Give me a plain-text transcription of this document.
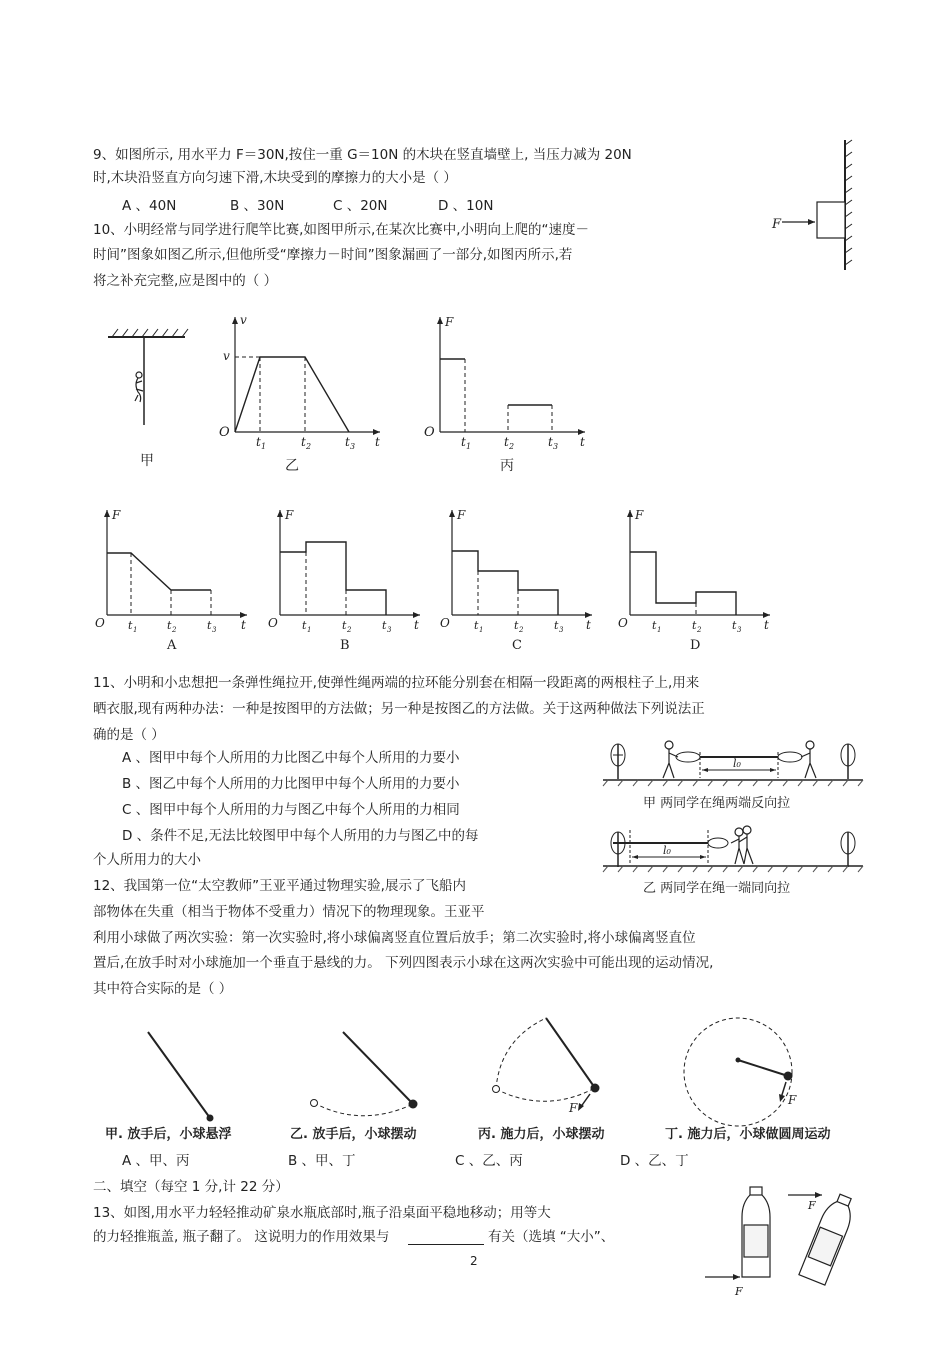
9、如图所示, 用水平力 F＝30N,按住一重 G＝10N 的木块在竖直墙壁上, 当压力减为 20N
时,木块沿竖直方向匀速下滑,木块受到的摩擦力的大小是（ ）
A 、40N	B 、30N	C 、20N	D 、10N
F
10、小明经常与同学进行爬竿比赛,如图甲所示,在某次比赛中,小明向上爬的“速度－
时间”图象如图乙所示,但他所受“摩擦力－时间”图象漏画了一部分,如图丙所示,若
将之补充完整,应是图中的（ ）
甲
v
v
O
t
t 1	t 2	t 3
乙
F
O
t
t 1	t 2	t 3
丙
F
O	t
t 1	t 2	t 3
A
F
O	t
t 1	t 2	t 3
B
F
O	t
t 1	t 2	t 3
C
F
O	t
t 1	t 2	t 3
D
11、小明和小忠想把一条弹性绳拉开,使弹性绳两端的拉环能分别套在相隔一段距离的两根柱子上,用来
晒衣服,现有两种办法：一种是按图甲的方法做；另一种是按图乙的方法做。关于这两种做法下列说法正
确的是（ ）
A 、图甲中每个人所用的力比图乙中每个人所用的力要小
B 、图乙中每个人所用的力比图甲中每个人所用的力要小
C 、图甲中每个人所用的力与图乙中每个人所用的力相同
D 、条件不足,无法比较图甲中每个人所用的力与图乙中的每
个人所用力的大小
l₀
甲 两同学在绳两端反向拉
l₀
乙 两同学在绳一端同向拉
12、我国第一位“太空教师”王亚平通过物理实验,展示了飞船内
部物体在失重（相当于物体不受重力）情况下的物理现象。王亚平
利用小球做了两次实验：第一次实验时,将小球偏离竖直位置后放手；第二次实验时,将小球偏离竖直位
置后,在放手时对小球施加一个垂直于悬线的力。 下列四图表示小球在这两次实验中可能出现的运动情况,
其中符合实际的是（ ）
F
F
甲. 放手后，小球悬浮	乙. 放手后，小球摆动	丙. 施力后，小球摆动	丁. 施力后，小球做圆周运动
A 、甲、丙	B 、甲、丁	C 、乙、丙	D 、乙、丁
二、填空（每空 1 分,计 22 分）
13、如图,用水平力轻轻推动矿泉水瓶底部时,瓶子沿桌面平稳地移动；用等大
的力轻推瓶盖, 瓶子翻了。 这说明力的作用效果与	有关（选填 “大小”、
F
F
2
